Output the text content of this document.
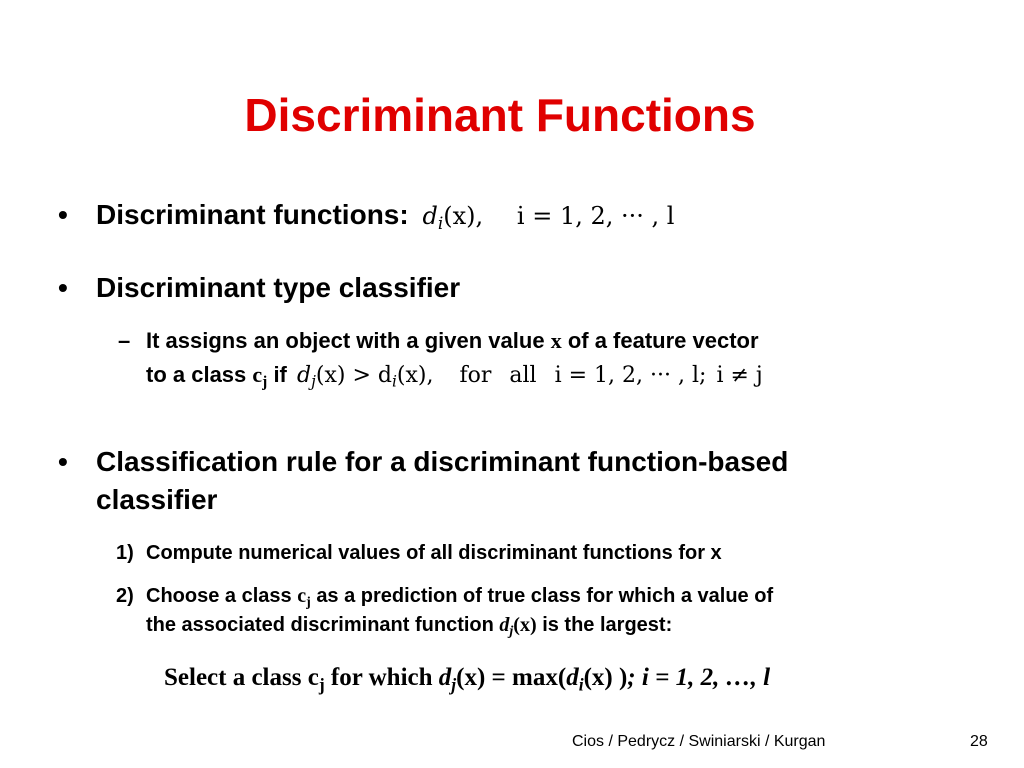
Discriminant Functions
• Discriminant functions: $d_i(x)$, i = 1, 2, ··· , l
• Discriminant type classifier
– It assigns an object with a given value x of a feature vector
to a class $c_j$ if $d_j(x) > d_i(x)$, for all i = 1, 2, ··· , l; i ≠ j
• Classification rule for a discriminant function-based
classifier
1) Compute numerical values of all discriminant functions for x
2) Choose a class $c_j$ as a prediction of true class for which a value of
the associated discriminant function $d_j(x)$ is the largest:
Select a class $c_j$ for which $d_j(x) = \max(d_i(x)$ ); i = 1, 2, …, l
Cios / Pedrycz / Swiniarski / Kurgan	28
